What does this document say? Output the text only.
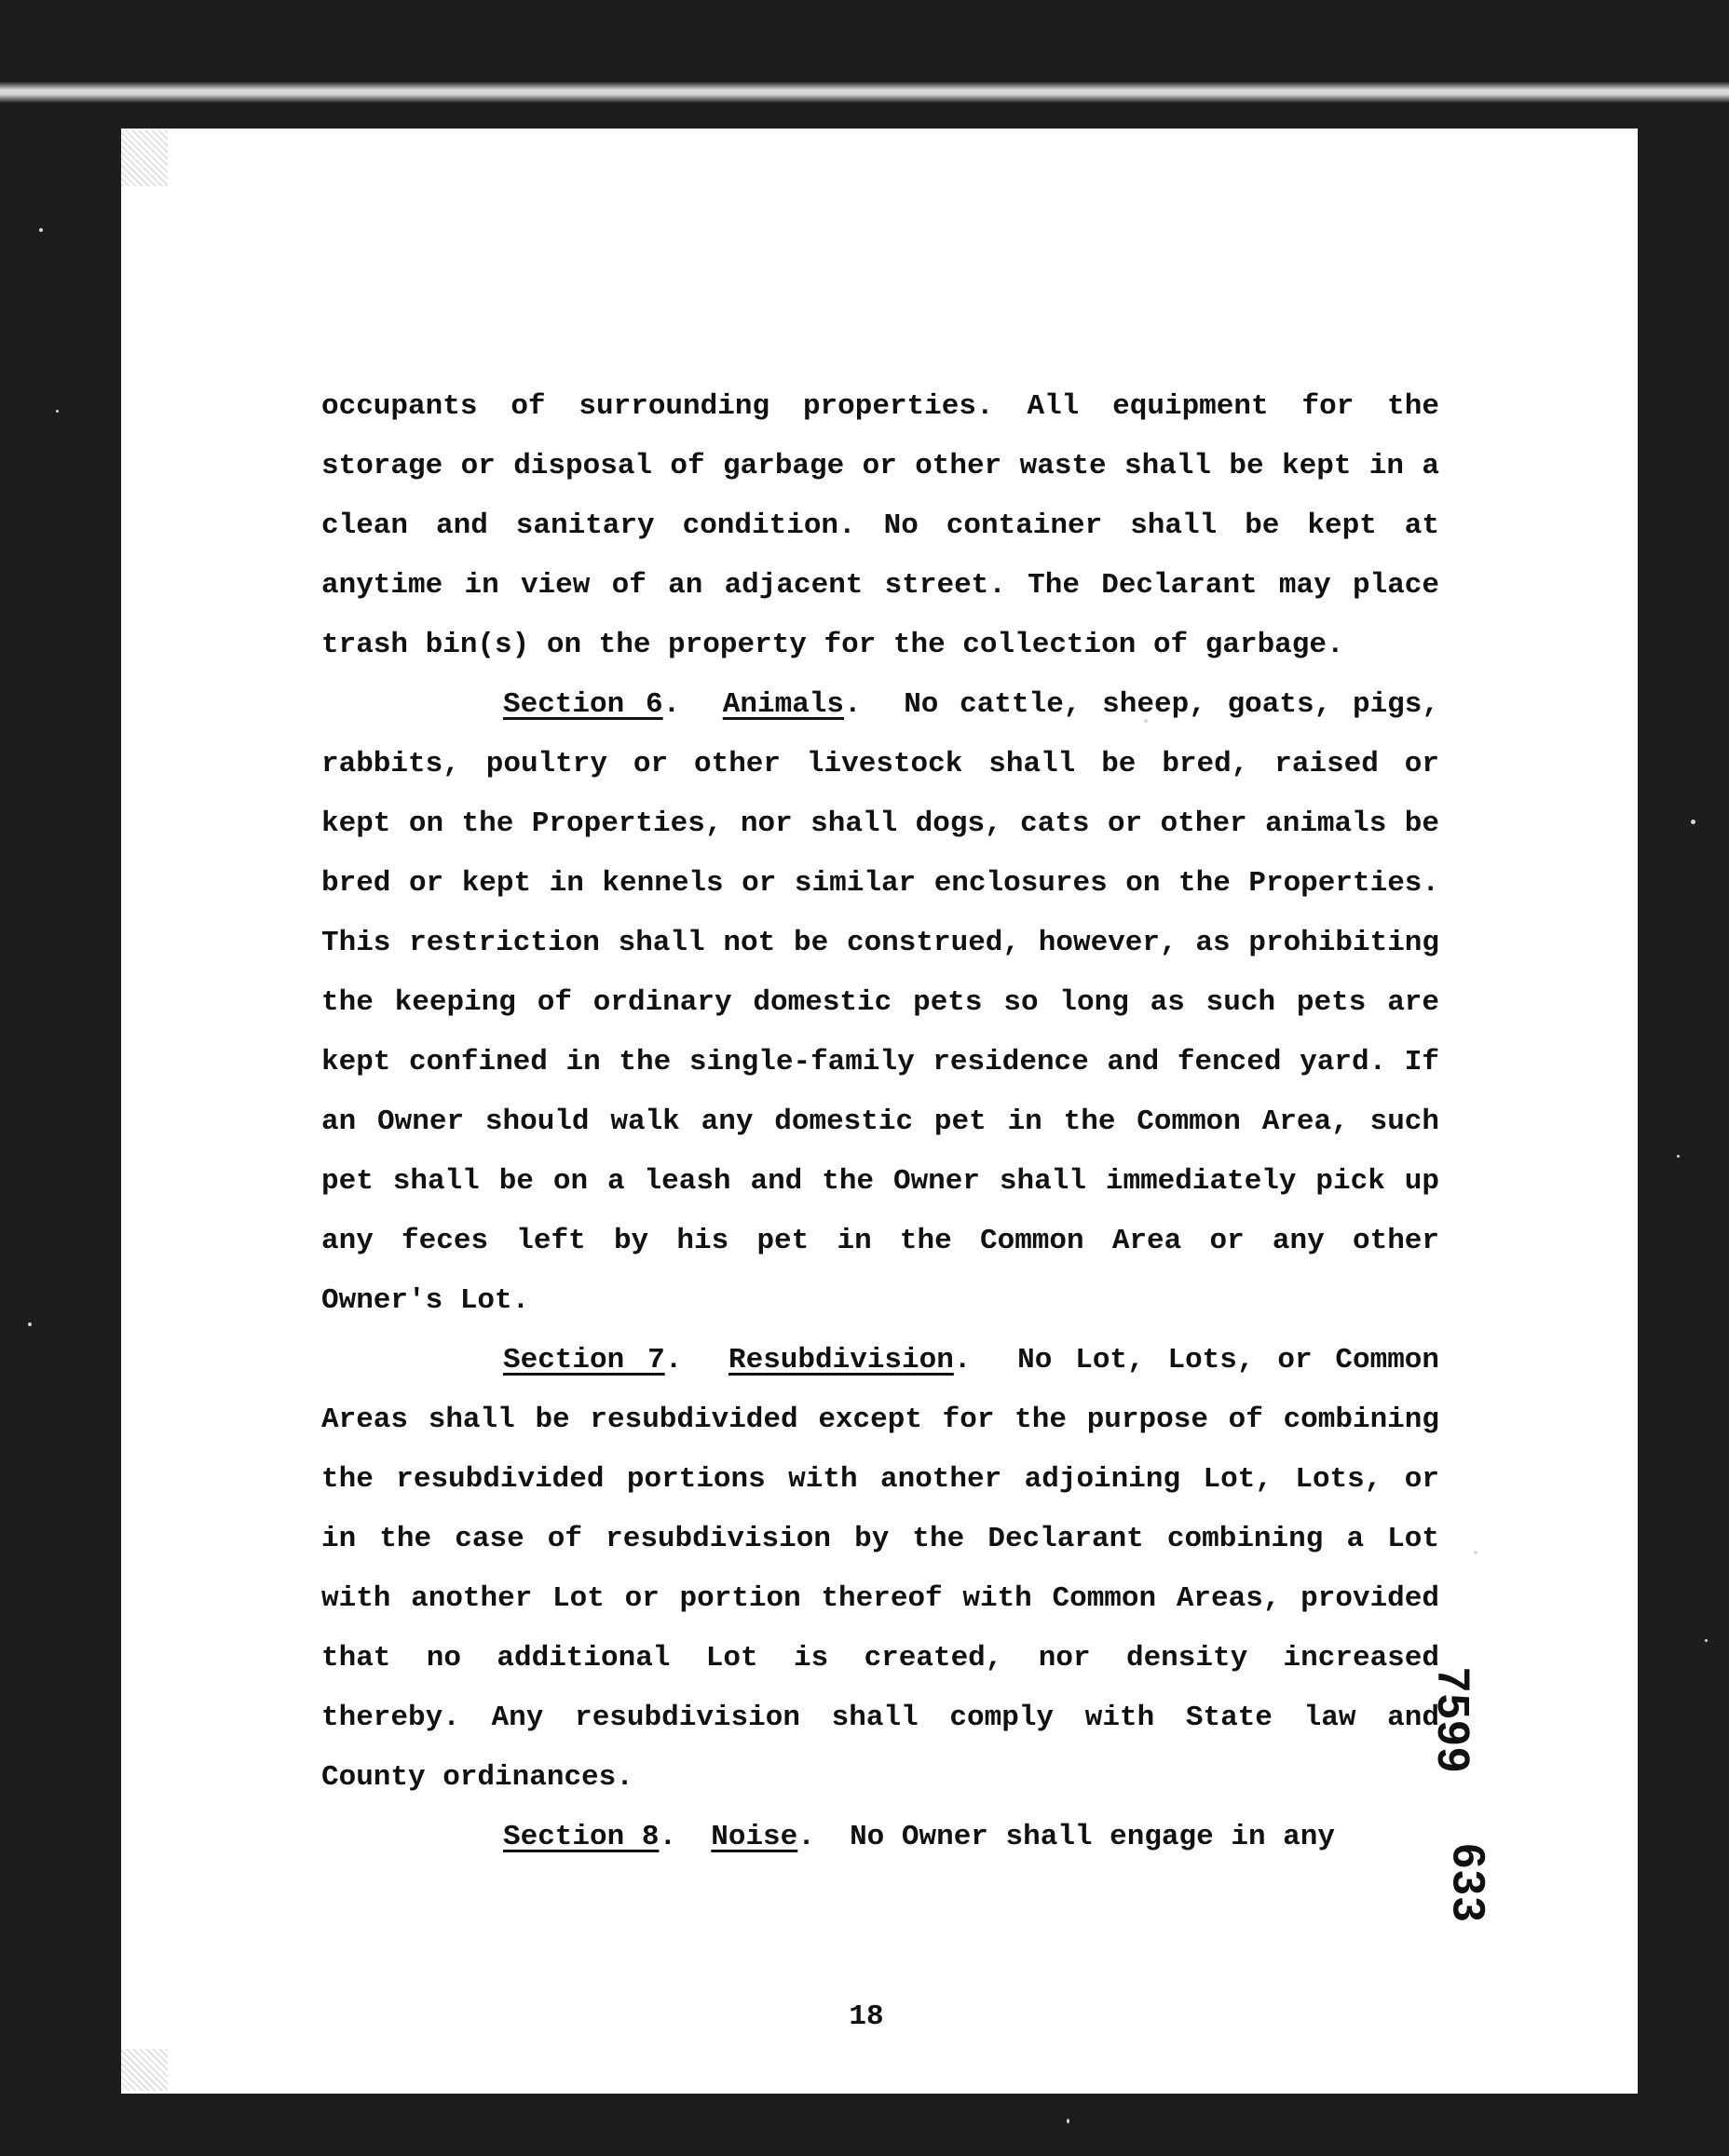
occupants of surrounding properties. All equipment for the storage or disposal of garbage or other waste shall be kept in a clean and sanitary condition. No container shall be kept at anytime in view of an adjacent street. The Declarant may place trash bin(s) on the property for the collection of garbage.

Section 6.  Animals.  No cattle, sheep, goats, pigs, rabbits, poultry or other livestock shall be bred, raised or kept on the Properties, nor shall dogs, cats or other animals be bred or kept in kennels or similar enclosures on the Properties. This restriction shall not be construed, however, as prohibiting the keeping of ordinary domestic pets so long as such pets are kept confined in the single-family residence and fenced yard. If an Owner should walk any domestic pet in the Common Area, such pet shall be on a leash and the Owner shall immediately pick up any feces left by his pet in the Common Area or any other Owner's Lot.

Section 7.  Resubdivision.  No Lot, Lots, or Common Areas shall be resubdivided except for the purpose of combining the resubdivided portions with another adjoining Lot, Lots, or in the case of resubdivision by the Declarant combining a Lot with another Lot or portion thereof with Common Areas, provided that no additional Lot is created, nor density increased thereby. Any resubdivision shall comply with State law and County ordinances.

Section 8.  Noise.  No Owner shall engage in any

7599
633
18
